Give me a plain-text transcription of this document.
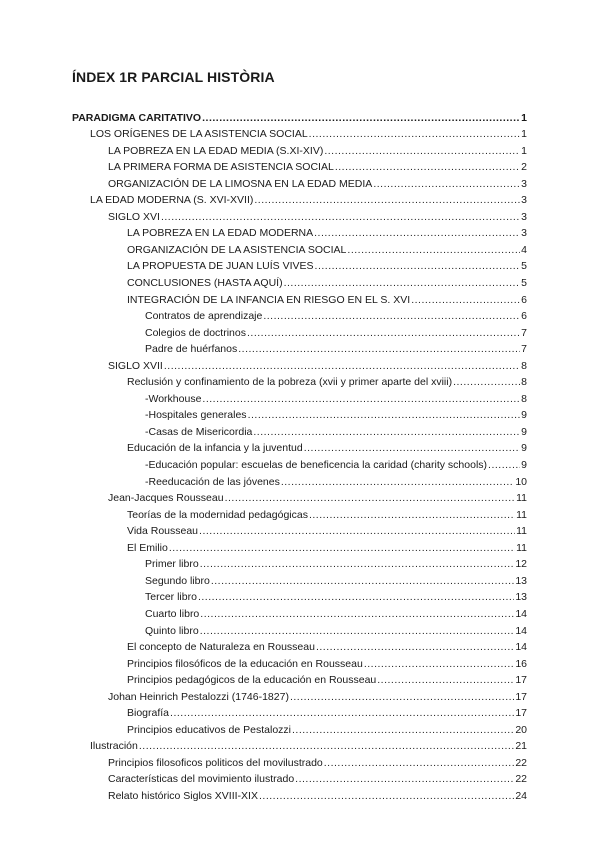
ÍNDEX 1R PARCIAL HISTÒRIA
PARADIGMA CARITATIVO .....	1
LOS ORÍGENES DE LA ASISTENCIA SOCIAL .....	1
LA POBREZA EN LA EDAD MEDIA (S.XI-XIV) .....	1
LA PRIMERA FORMA DE ASISTENCIA SOCIAL .....	2
ORGANIZACIÓN DE LA LIMOSNA EN LA EDAD MEDIA .....	3
LA EDAD MODERNA (S. XVI-XVII) .....	3
SIGLO XVI .....	3
LA POBREZA EN LA EDAD MODERNA .....	3
ORGANIZACIÓN DE LA ASISTENCIA SOCIAL .....	4
LA PROPUESTA DE JUAN LUÍS VIVES .....	5
CONCLUSIONES (HASTA AQUÍ) .....	5
INTEGRACIÓN DE LA INFANCIA EN RIESGO EN EL S. XVI .....	6
Contratos de aprendizaje .....	6
Colegios de doctrinos .....	7
Padre de huérfanos .....	7
SIGLO XVII .....	8
Reclusión y confinamiento de la pobreza (xvii y primer aparte del xviii) .....	8
-Workhouse .....	8
-Hospitales generales .....	9
-Casas de Misericordia .....	9
Educación de la infancia y la juventud .....	9
-Educación popular: escuelas de beneficencia la caridad (charity schools) .....	9
-Reeducación de las jóvenes .....	10
Jean-Jacques Rousseau .....	11
Teorías de la modernidad pedagógicas .....	11
Vida Rousseau .....	11
El Emilio .....	11
Primer libro .....	12
Segundo libro .....	13
Tercer libro .....	13
Cuarto libro .....	14
Quinto libro .....	14
El concepto de Naturaleza en Rousseau .....	14
Principios filosóficos de la educación en Rousseau .....	16
Principios pedagógicos de la educación en Rousseau .....	17
Johan Heinrich Pestalozzi (1746-1827) .....	17
Biografía .....	17
Principios educativos de Pestalozzi .....	20
Ilustración .....	21
Principios filosoficos politicos del movilustrado .....	22
Características del movimiento ilustrado .....	22
Relato histórico Siglos XVIII-XIX .....	24
